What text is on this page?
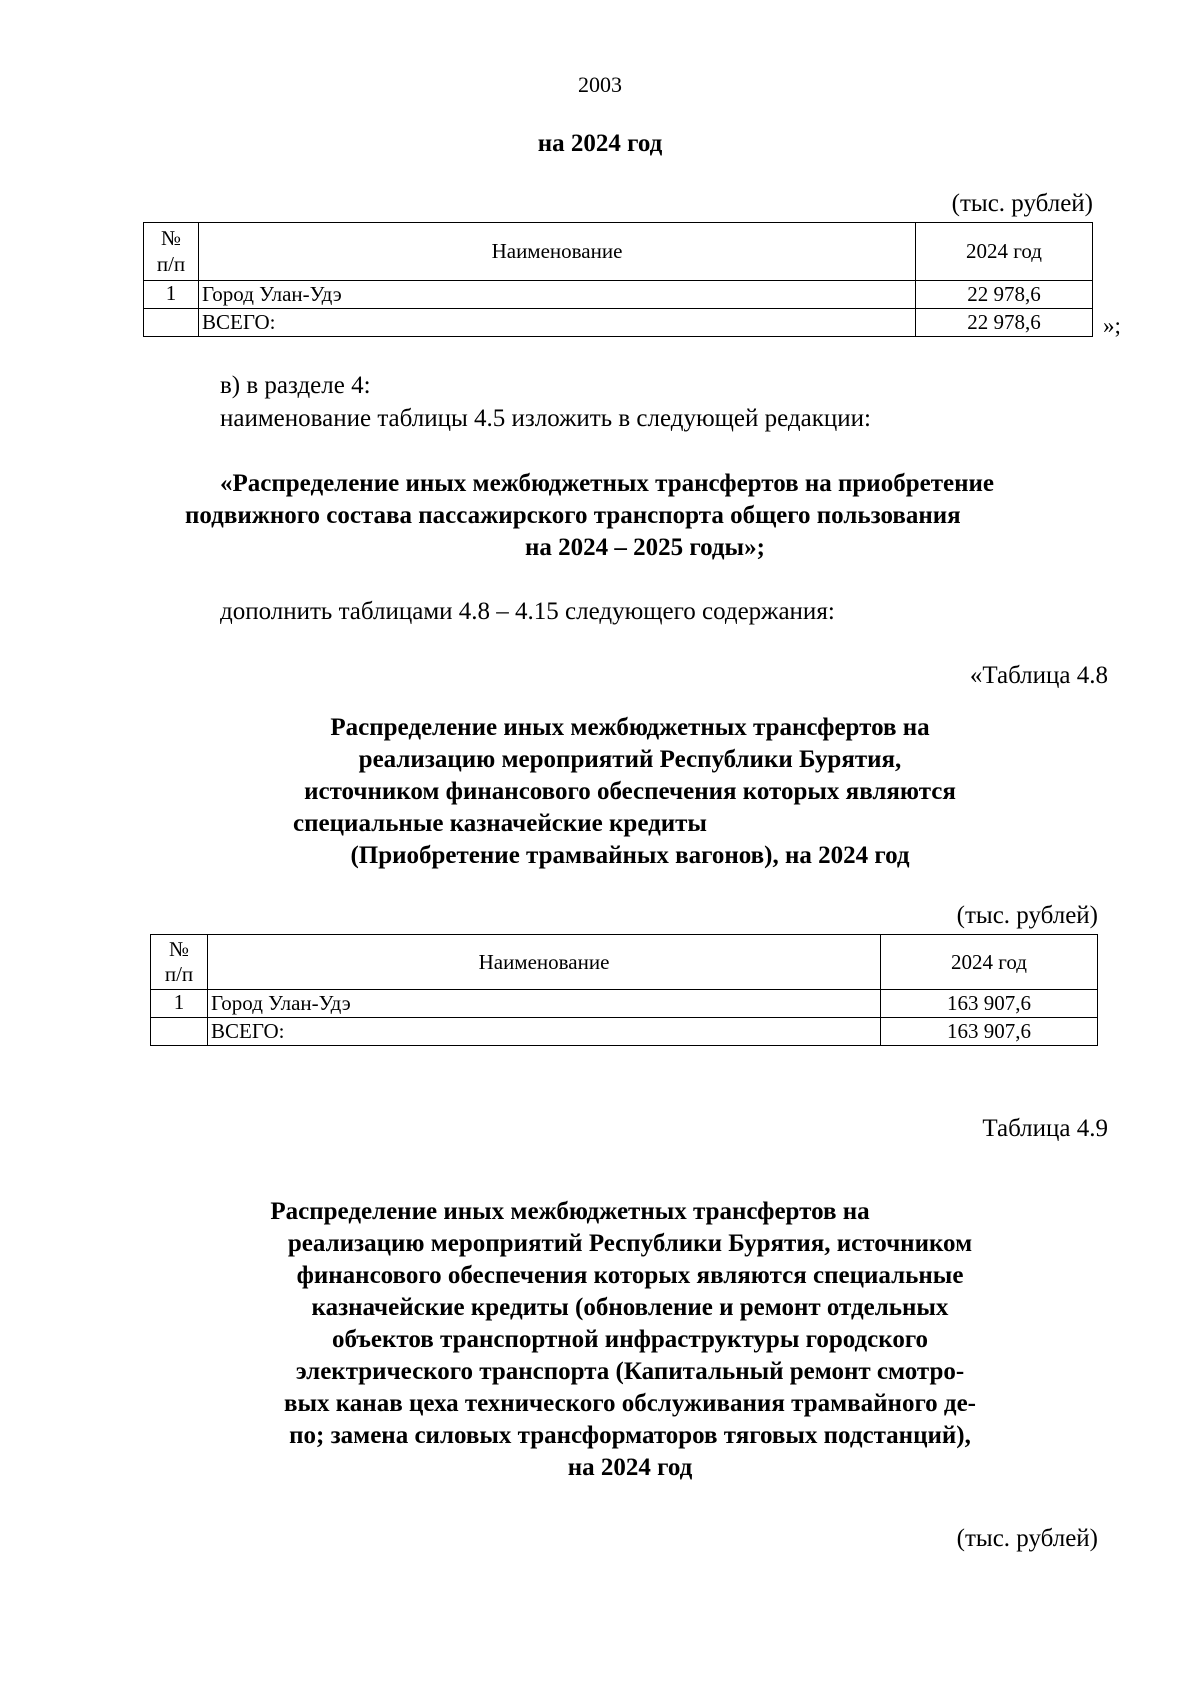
2003
на 2024 год
(тыс. рублей)
№
п/п	Наименование	2024 год
1	Город Улан-Удэ	22 978,6
	ВСЕГО:	22 978,6	»;
в) в разделе 4:
наименование таблицы 4.5 изложить в следующей редакции:
«Распределение иных межбюджетных трансфертов на приобретение
подвижного состава пассажирского транспорта общего пользования
на 2024 – 2025 годы»;
дополнить таблицами 4.8 – 4.15 следующего содержания:
«Таблица 4.8
Распределение иных межбюджетных трансфертов на
реализацию мероприятий Республики Бурятия,
источником финансового обеспечения которых являются
специальные казначейские кредиты
(Приобретение трамвайных вагонов), на 2024 год
(тыс. рублей)
№
п/п	Наименование	2024 год
1	Город Улан-Удэ	163 907,6
	ВСЕГО:	163 907,6
Таблица 4.9
Распределение иных межбюджетных трансфертов на
реализацию мероприятий Республики Бурятия, источником
финансового обеспечения которых являются специальные
казначейские кредиты (обновление и ремонт отдельных
объектов транспортной инфраструктуры городского
электрического транспорта (Капитальный ремонт смотро-
вых канав цеха технического обслуживания трамвайного де-
по; замена силовых трансформаторов тяговых подстанций),
на 2024 год
(тыс. рублей)
